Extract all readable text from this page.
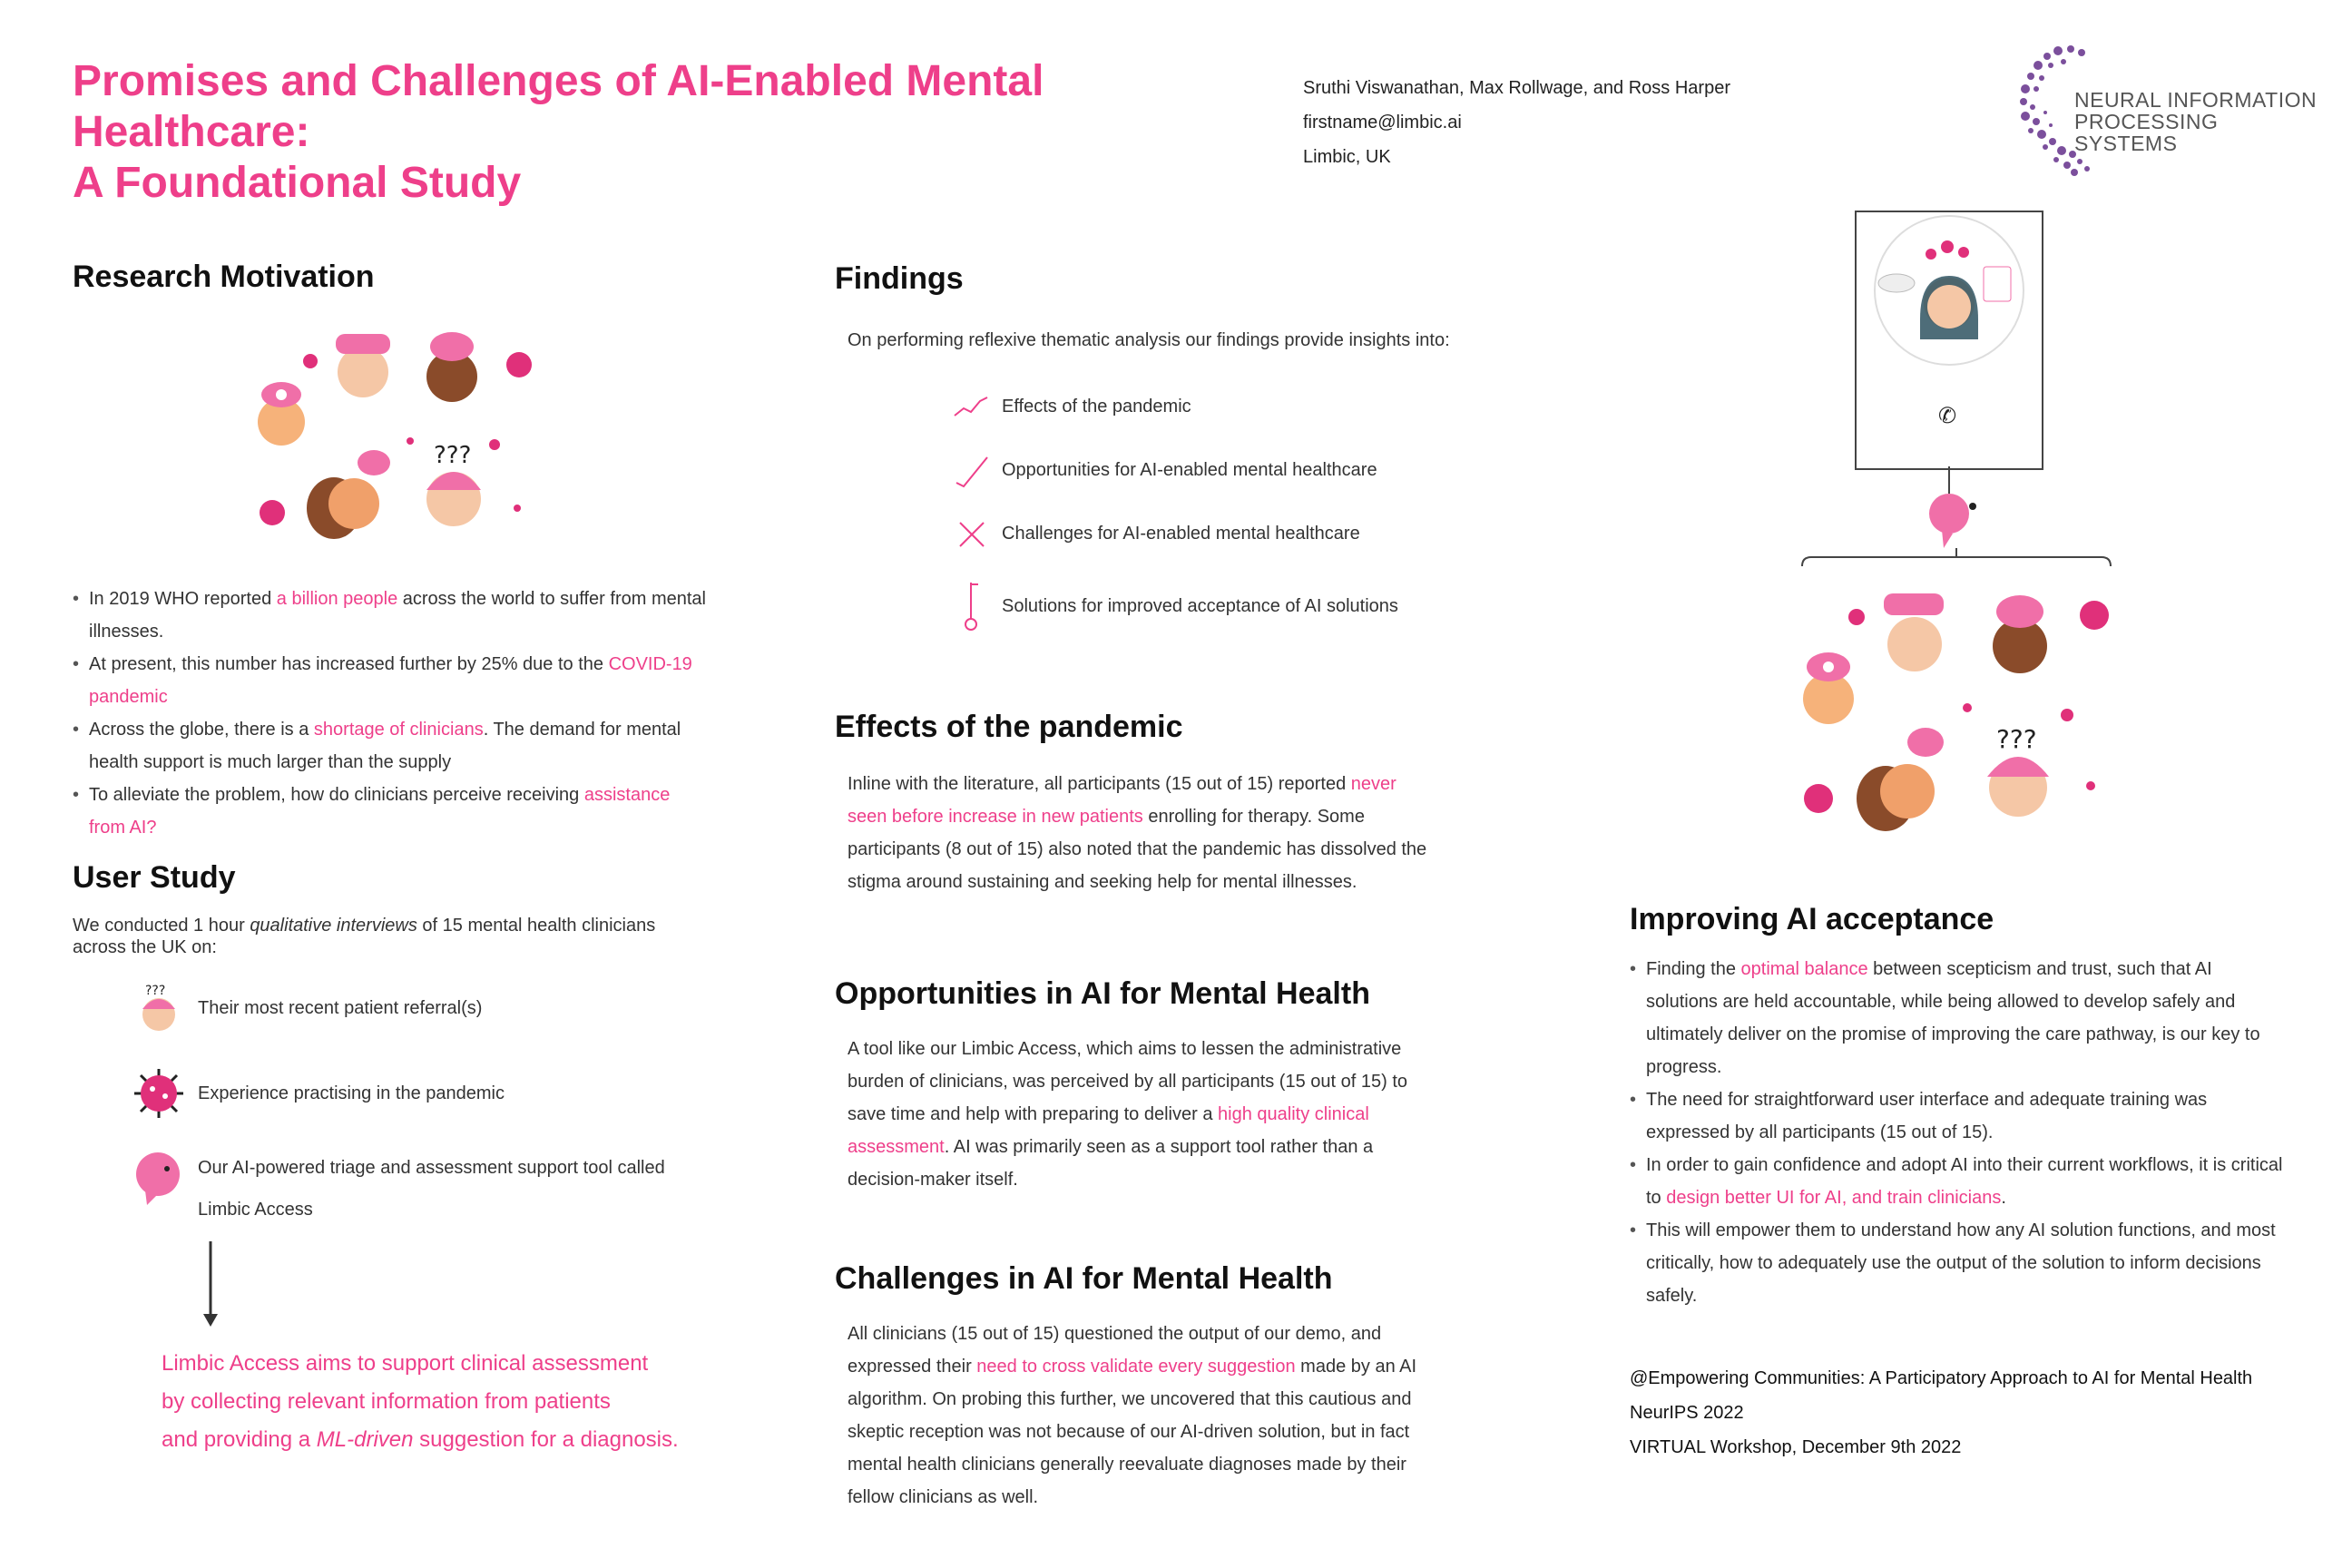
Promises and Challenges of AI-Enabled Mental Healthcare:
A Foundational Study
Sruthi Viswanathan, Max Rollwage, and Ross Harper
firstname@limbic.ai
Limbic, UK
NEURAL INFORMATION
PROCESSING SYSTEMS
Research Motivation
???
• In 2019 WHO reported a billion people across the world to suffer from mental illnesses.
• At present, this number has increased further by 25% due to the COVID-19 pandemic
• Across the globe, there is a shortage of clinicians. The demand for mental health support is much larger than the supply
• To alleviate the problem, how do clinicians perceive receiving assistance from AI?
User Study
We conducted 1 hour qualitative interviews of 15 mental health clinicians across the UK on:
???
Their most recent patient referral(s)
Experience practising in the pandemic
Our AI-powered triage and assessment support tool called
Limbic Access
Limbic Access aims to support clinical assessment
by collecting relevant information from patients
and providing a ML-driven suggestion for a diagnosis.
Findings
On performing reflexive thematic analysis our findings provide insights into:
Effects of the pandemic
Opportunities for AI-enabled mental healthcare
Challenges for AI-enabled mental healthcare
Solutions for improved acceptance of AI solutions
Effects of the pandemic
Inline with the literature, all participants (15 out of 15) reported never
seen before increase in new patients enrolling for therapy. Some
participants (8 out of 15) also noted that the pandemic has dissolved the
stigma around sustaining and seeking help for mental illnesses.
Opportunities in AI for Mental Health
A tool like our Limbic Access, which aims to lessen the administrative
burden of clinicians, was perceived by all participants (15 out of 15) to
save time and help with preparing to deliver a high quality clinical
assessment. AI was primarily seen as a support tool rather than a
decision-maker itself.
Challenges in AI for Mental Health
All clinicians (15 out of 15) questioned the output of our demo, and
expressed their need to cross validate every suggestion made by an AI
algorithm. On probing this further, we uncovered that this cautious and
skeptic reception was not because of our AI-driven solution, but in fact
mental health clinicians generally reevaluate diagnoses made by their
fellow clinicians as well.
✆
???
Improving AI acceptance
• Finding the optimal balance between scepticism and trust, such that AI solutions are held accountable, while being allowed to develop safely and ultimately deliver on the promise of improving the care pathway, is our key to progress.
• The need for straightforward user interface and adequate training was expressed by all participants (15 out of 15).
• In order to gain confidence and adopt AI into their current workflows, it is critical to design better UI for AI, and train clinicians.
• This will empower them to understand how any AI solution functions, and most critically, how to adequately use the output of the solution to inform decisions safely.
@Empowering Communities: A Participatory Approach to AI for Mental Health
NeurIPS 2022
VIRTUAL Workshop, December 9th 2022
